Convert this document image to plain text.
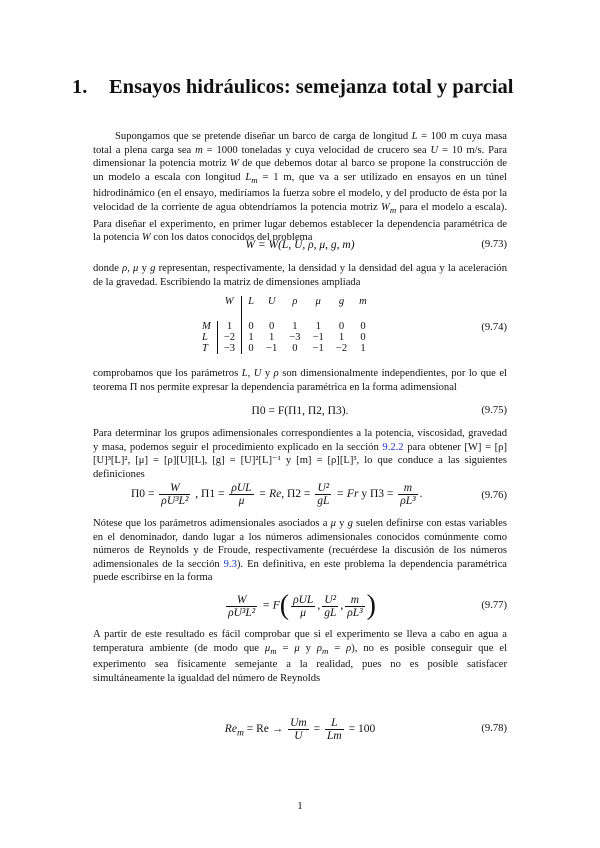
1. Ensayos hidráulicos: semejanza total y parcial

Supongamos que se pretende diseñar un barco de carga de longitud L = 100 m cuya masa total a plena carga sea m = 1000 toneladas y cuya velocidad de crucero sea U = 10 m/s. Para dimensionar la potencia motriz W de que debemos dotar al barco se propone la construcción de un modelo a escala con longitud $L_m = 1$ m, que va a ser utilizado en ensayos en un túnel hidrodinámico (en el ensayo, mediríamos la fuerza sobre el modelo, y del producto de ésta por la velocidad de la corriente de agua obtendríamos la potencia motriz $W_m$ para el modelo a escala). Para diseñar el experimento, en primer lugar debemos establecer la dependencia paramétrica de la potencia W con los datos conocidos del problema

W = W(L, U, ρ, μ, g, m)	(9.73)

donde ρ, μ y g representan, respectivamente, la densidad y la densidad del agua y la aceleración de la gravedad. Escribiendo la matriz de dimensiones ampliada

	W	L	U	ρ	μ	g	m

M	1	0	0	1	1	0	0
L	−2	1	1	−3	−1	1	0
T	−3	0	−1	0	−1	−2	1
(9.74)

comprobamos que los parámetros L, U y ρ son dimensionalmente independientes, por lo que el teorema Π nos permite expresar la dependencia paramétrica en la forma adimensional

Π0 = F(Π1, Π2, Π3).	(9.75)

Para determinar los grupos adimensionales correspondientes a la potencia, viscosidad, gravedad y masa, podemos seguir el procedimiento explicado en la sección 9.2.2 para obtener [W] = [ρ][U]³[L]², [μ] = [ρ][U][L], [g] = [U]²[L]⁻¹ y [m] = [ρ][L]³, lo que conduce a las siguientes definiciones

$\Pi 0 = \frac{W}{\text{ρU³L²}}$ , $\Pi 1 = \frac{\text{ρUL}}{\mu} = Re$, $\Pi 2 = \frac{\text{U²}}{gL} = Fr$ y $\Pi 3 = \frac{m}{\text{ρL³}}$ .	(9.76)

Nótese que los parámetros adimensionales asociados a μ y g suelen definirse con estas variables en el denominador, dando lugar a los números adimensionales conocidos comúnmente como números de Reynolds y de Froude, respectivamente (recuérdese la discusión de los números adimensionales de la sección 9.3). En definitiva, en este problema la dependencia paramétrica puede escribirse en la forma

$\frac{W}{\text{ρU³L²}} = F( \frac{\text{ρUL}}{\mu}$ , $\frac{\text{U²}}{gL}$ , $\frac{m}{\text{ρL³}}$ )	(9.77)

A partir de este resultado es fácil comprobar que si el experimento se lleva a cabo en agua a temperatura ambiente (de modo que $\mu_m = \mu$ y $\rho_m = \rho$), no es posible conseguir que el experimento sea físicamente semejante a la realidad, pues no es posible satisfacer simultáneamente la igualdad del número de Reynolds

$Re_m = Re \to \frac{Um}{U} = \frac{L}{Lm} = 100$	(9.78)
1
